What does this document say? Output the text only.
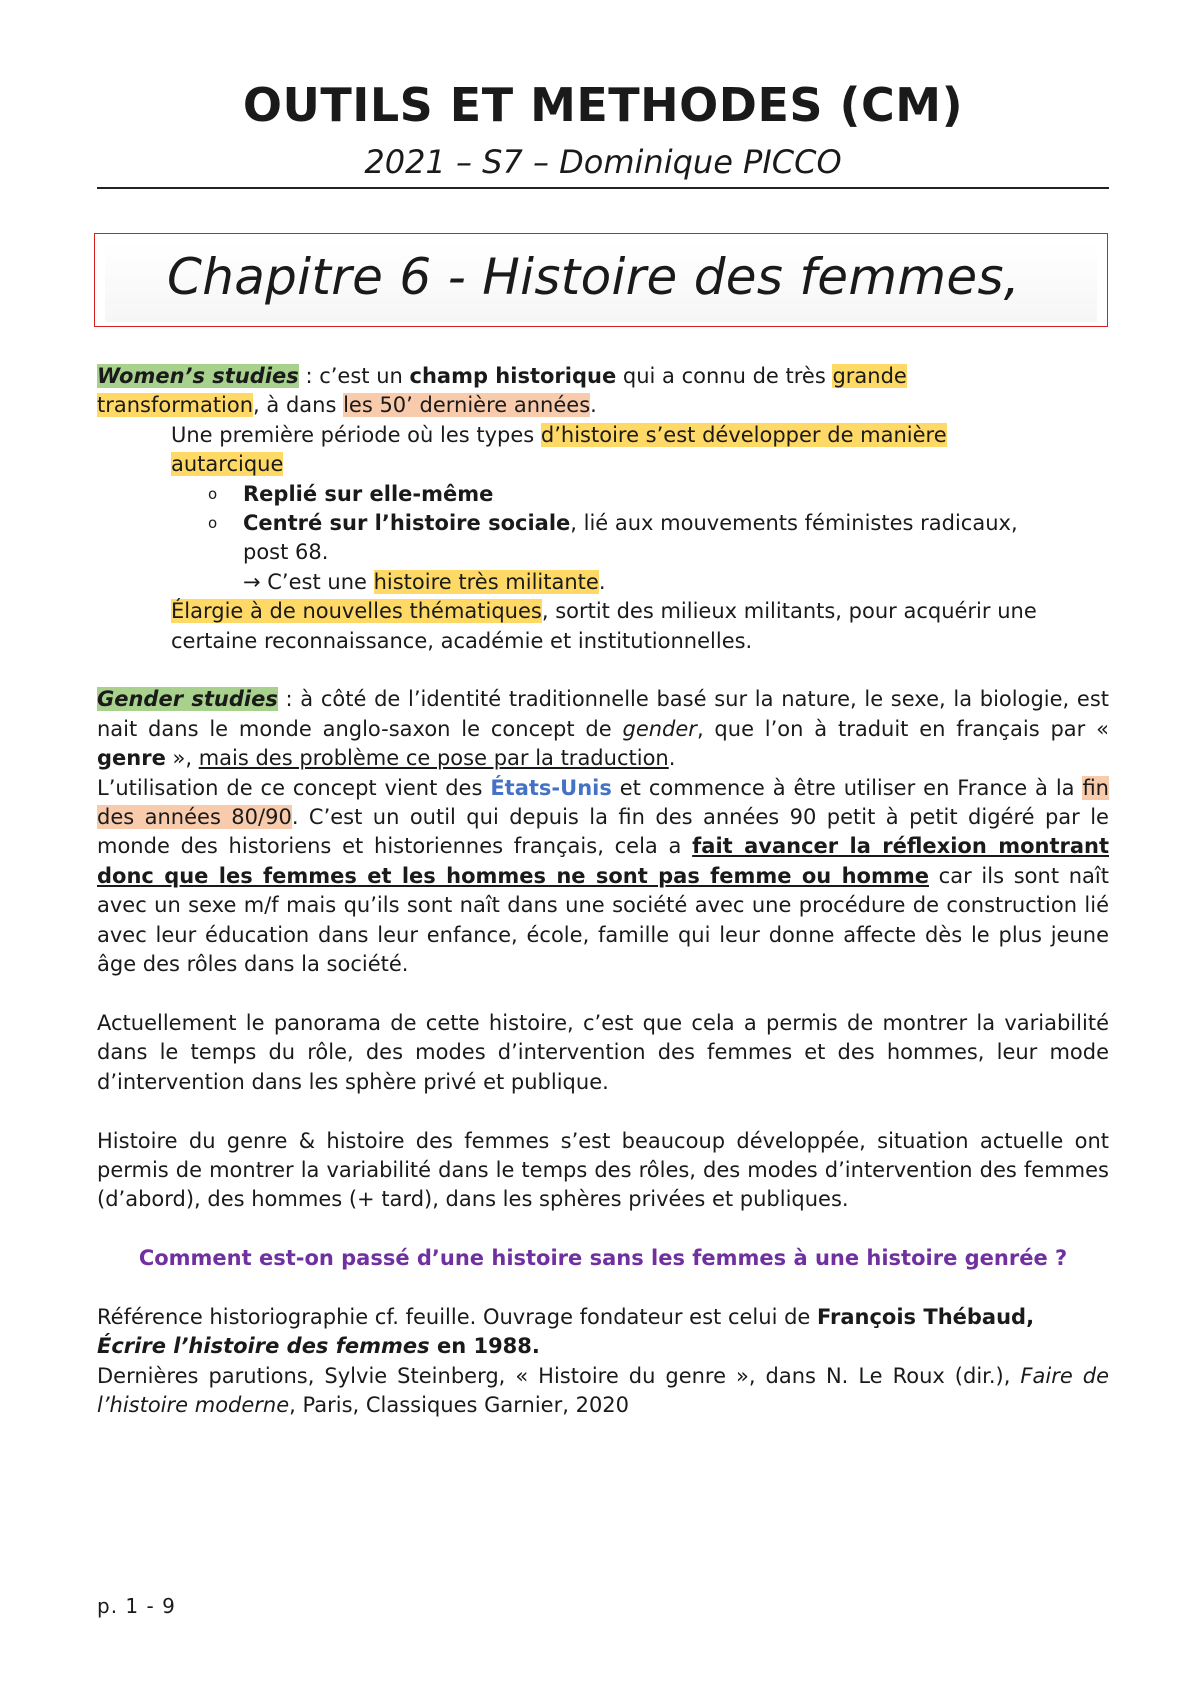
OUTILS ET METHODES (CM)
2021 – S7 – Dominique PICCO
Chapitre 6 - Histoire des femmes,

Women’s studies : c’est un champ historique qui a connu de très grande
transformation, à dans les 50’ dernière années.

Une première période où les types d’histoire s’est développer de manière
autarcique

o Replié sur elle-même

o Centré sur l’histoire sociale, lié aux mouvements féministes radicaux,
post 68.

→ C’est une histoire très militante.

Élargie à de nouvelles thématiques, sortit des milieux militants, pour acquérir une
certaine reconnaissance, académie et institutionnelles.

Gender studies : à côté de l’identité traditionnelle basé sur la nature, le sexe, la biologie, est nait dans le monde anglo-saxon le concept de gender, que l’on à traduit en français par « genre », mais des problème ce pose par la traduction.

L’utilisation de ce concept vient des États-Unis et commence à être utiliser en France à la fin des années 80/90. C’est un outil qui depuis la fin des années 90 petit à petit digéré par le monde des historiens et historiennes français, cela a fait avancer la réflexion montrant donc que les femmes et les hommes ne sont pas femme ou homme car ils sont naît avec un sexe m/f mais qu’ils sont naît dans une société avec une procédure de construction lié avec leur éducation dans leur enfance, école, famille qui leur donne affecte dès le plus jeune âge des rôles dans la société.

Actuellement le panorama de cette histoire, c’est que cela a permis de montrer la variabilité dans le temps du rôle, des modes d’intervention des femmes et des hommes, leur mode d’intervention dans les sphère privé et publique.

Histoire du genre & histoire des femmes s’est beaucoup développée, situation actuelle ont permis de montrer la variabilité dans le temps des rôles, des modes d’intervention des femmes (d’abord), des hommes (+ tard), dans les sphères privées et publiques.

Comment est-on passé d’une histoire sans les femmes à une histoire genrée ?

Référence historiographie cf. feuille. Ouvrage fondateur est celui de François Thébaud,
Écrire l’histoire des femmes en 1988.

Dernières parutions, Sylvie Steinberg, « Histoire du genre », dans N. Le Roux (dir.), Faire de l’histoire moderne, Paris, Classiques Garnier, 2020

p. 1 - 9
